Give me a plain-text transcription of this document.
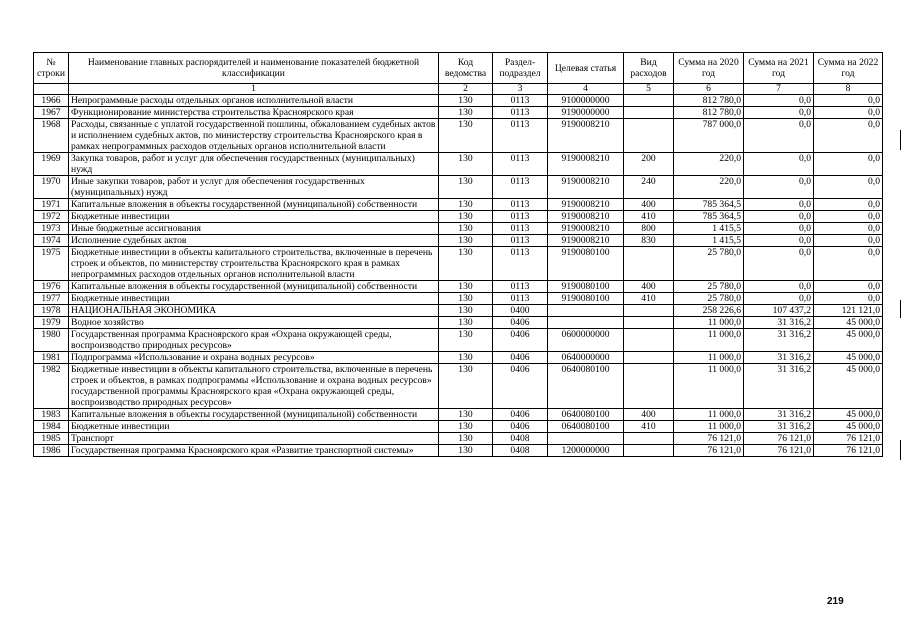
№ строки	Наименование главных распорядителей и наименование показателей бюджетной классификации	Код ведомства	Раздел-подраздел	Целевая статья	Вид расходов	Сумма на 2020 год	Сумма на 2021 год	Сумма на 2022 год
	1	2	3	4	5	6	7	8
1966	Непрограммные расходы отдельных органов исполнительной власти	130	0113	9100000000		812 780,0	0,0	0,0
1967	Функционирование министерства строительства Красноярского края	130	0113	9190000000		812 780,0	0,0	0,0
1968	Расходы, связанные с уплатой государственной пошлины, обжалованием судебных актов и исполнением судебных актов, по министерству строительства Красноярского края в рамках непрограммных расходов отдельных органов исполнительной власти	130	0113	9190008210		787 000,0	0,0	0,0
1969	Закупка товаров, работ и услуг для обеспечения государственных (муниципальных) нужд	130	0113	9190008210	200	220,0	0,0	0,0
1970	Иные закупки товаров, работ и услуг для обеспечения государственных (муниципальных) нужд	130	0113	9190008210	240	220,0	0,0	0,0
1971	Капитальные вложения в объекты государственной (муниципальной) собственности	130	0113	9190008210	400	785 364,5	0,0	0,0
1972	Бюджетные инвестиции	130	0113	9190008210	410	785 364,5	0,0	0,0
1973	Иные бюджетные ассигнования	130	0113	9190008210	800	1 415,5	0,0	0,0
1974	Исполнение судебных актов	130	0113	9190008210	830	1 415,5	0,0	0,0
1975	Бюджетные инвестиции в объекты капитального строительства, включенные в перечень строек и объектов, по министерству строительства Красноярского края в рамках непрограммных расходов отдельных органов исполнительной власти	130	0113	9190080100		25 780,0	0,0	0,0
1976	Капитальные вложения в объекты государственной (муниципальной) собственности	130	0113	9190080100	400	25 780,0	0,0	0,0
1977	Бюджетные инвестиции	130	0113	9190080100	410	25 780,0	0,0	0,0
1978	НАЦИОНАЛЬНАЯ ЭКОНОМИКА	130	0400			258 226,6	107 437,2	121 121,0
1979	Водное хозяйство	130	0406			11 000,0	31 316,2	45 000,0
1980	Государственная программа Красноярского края «Охрана окружающей среды, воспроизводство природных ресурсов»	130	0406	0600000000		11 000,0	31 316,2	45 000,0
1981	Подпрограмма «Использование и охрана водных ресурсов»	130	0406	0640000000		11 000,0	31 316,2	45 000,0
1982	Бюджетные инвестиции в объекты капитального строительства, включенные в перечень строек и объектов, в рамках подпрограммы «Использование и охрана водных ресурсов» государственной программы Красноярского края «Охрана окружающей среды, воспроизводство природных ресурсов»	130	0406	0640080100		11 000,0	31 316,2	45 000,0
1983	Капитальные вложения в объекты государственной (муниципальной) собственности	130	0406	0640080100	400	11 000,0	31 316,2	45 000,0
1984	Бюджетные инвестиции	130	0406	0640080100	410	11 000,0	31 316,2	45 000,0
1985	Транспорт	130	0408			76 121,0	76 121,0	76 121,0
1986	Государственная программа Красноярского края «Развитие транспортной системы»	130	0408	1200000000		76 121,0	76 121,0	76 121,0
219
